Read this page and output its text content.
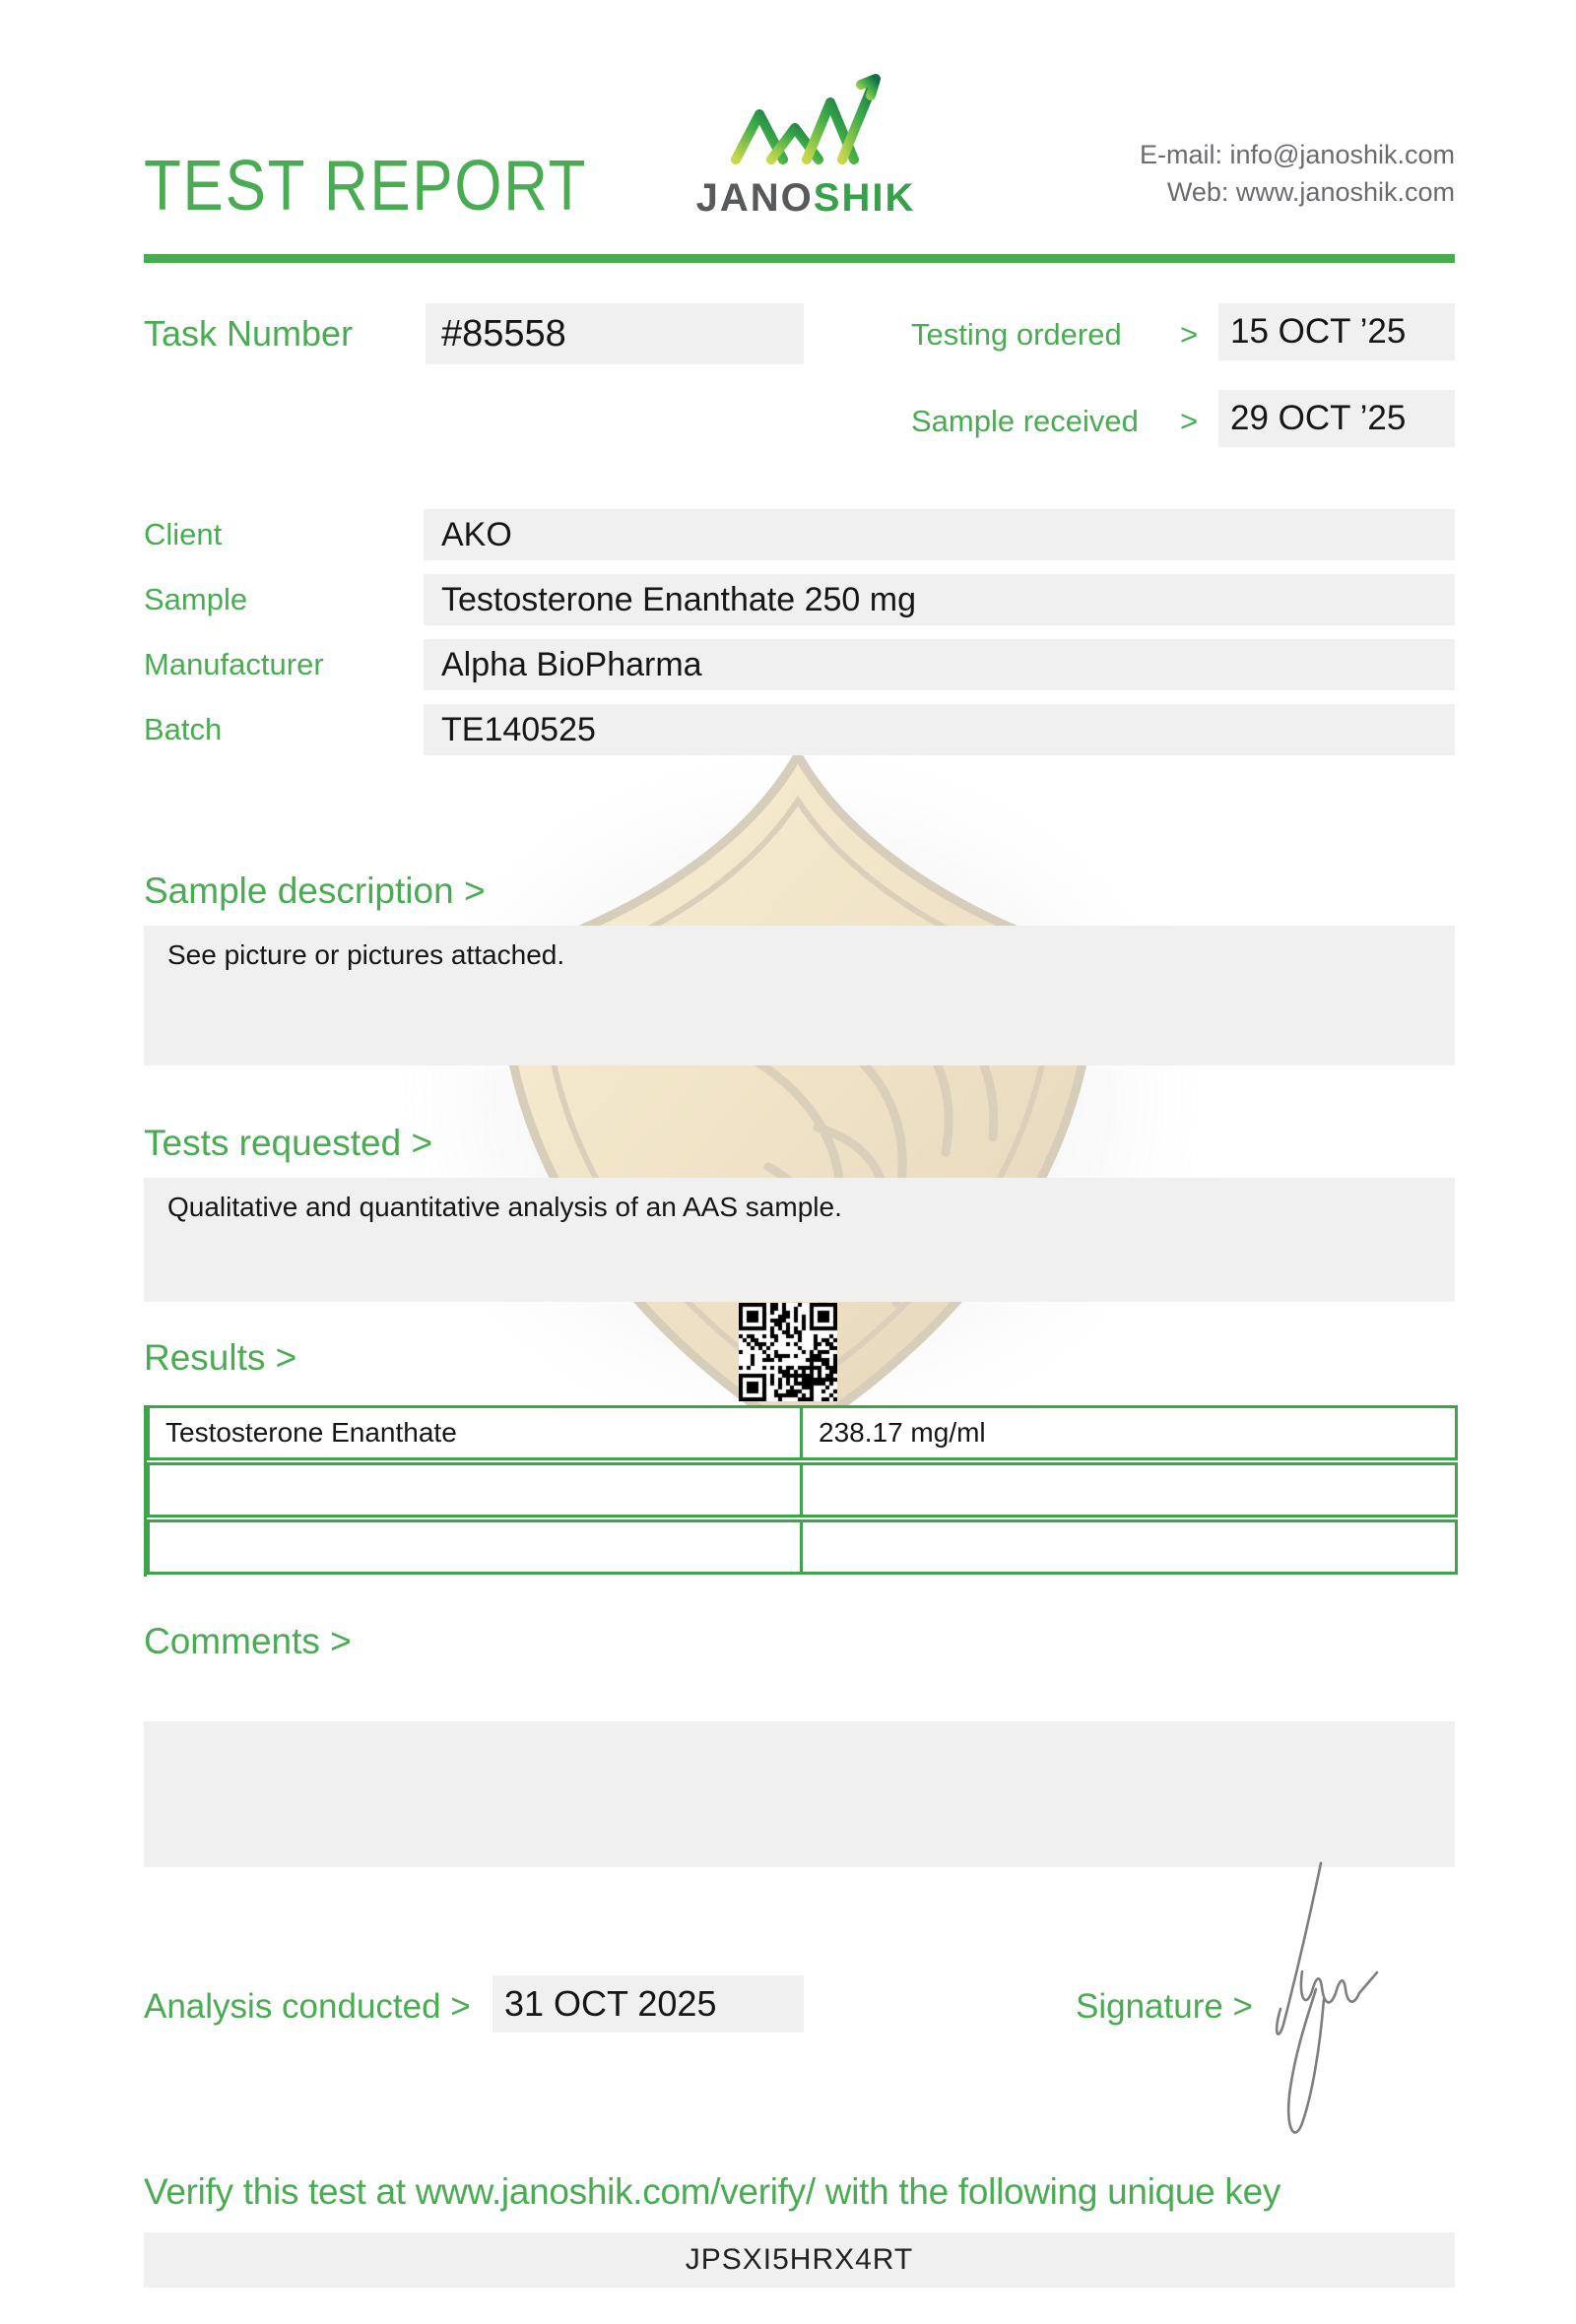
TEST REPORT	JANOSHIK
E-mail: info@janoshik.com
Web: www.janoshik.com
Task Number	#85558	Testing ordered > 15 OCT ’25
Sample received > 29 OCT ’25
Client	AKO
Sample	Testosterone Enanthate 250 mg
Manufacturer	Alpha BioPharma
Batch	TE140525
Sample description >
See picture or pictures attached.
Tests requested >
Qualitative and quantitative analysis of an AAS sample.
Results >
Testosterone Enanthate	238.17 mg/ml
Comments >
Analysis conducted > 31 OCT 2025	Signature >
Verify this test at www.janoshik.com/verify/ with the following unique key
JPSXI5HRX4RT
